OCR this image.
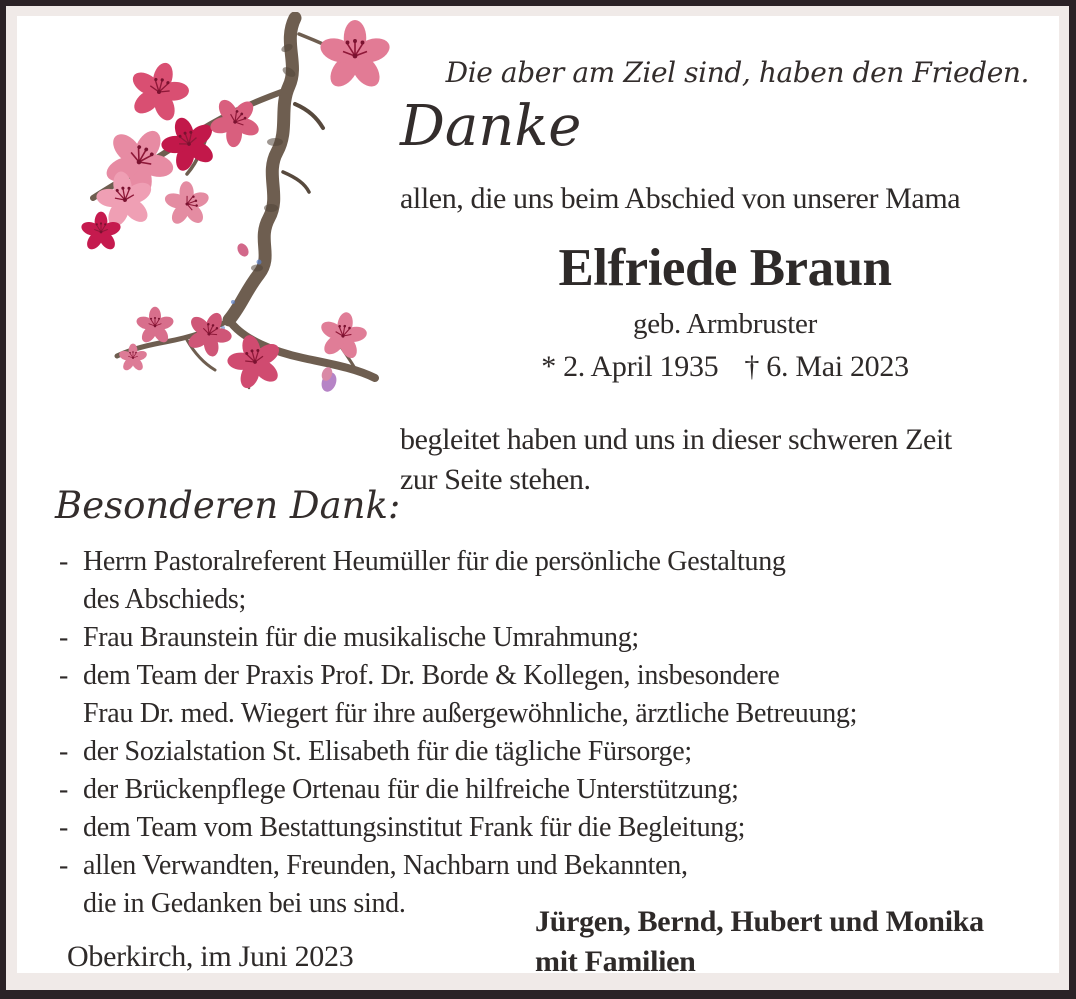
Die aber am Ziel sind, haben den Frieden.
Danke
allen, die uns beim Abschied von unserer Mama
Elfriede Braun
geb. Armbruster
* 2. April 1935 † 6. Mai 2023
begleitet haben und uns in dieser schweren Zeit
zur Seite stehen.
Besonderen Dank:
- Herrn Pastoralreferent Heumüller für die persönliche Gestaltung
des Abschieds;
- Frau Braunstein für die musikalische Umrahmung;
- dem Team der Praxis Prof. Dr. Borde & Kollegen, insbesondere
Frau Dr. med. Wiegert für ihre außergewöhnliche, ärztliche Betreuung;
- der Sozialstation St. Elisabeth für die tägliche Fürsorge;
- der Brückenpflege Ortenau für die hilfreiche Unterstützung;
- dem Team vom Bestattungsinstitut Frank für die Begleitung;
- allen Verwandten, Freunden, Nachbarn und Bekannten,
die in Gedanken bei uns sind.
Jürgen, Bernd, Hubert und Monika
mit Familien
Oberkirch, im Juni 2023
